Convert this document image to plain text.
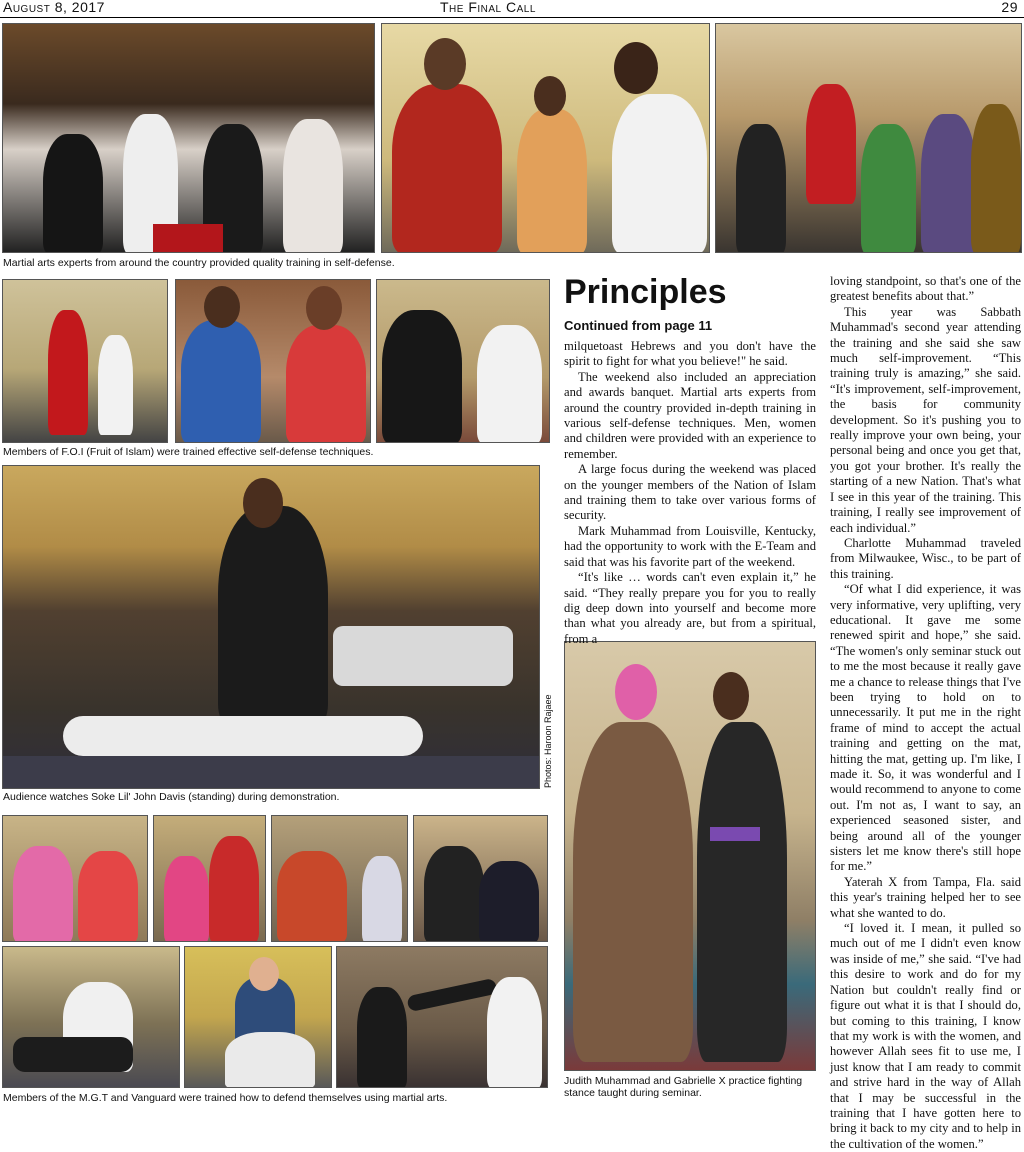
August 8, 2017	The Final Call	29
Martial arts experts from around the country provided quality training in self-defense.
Members of F.O.I (Fruit of Islam) were trained effective self-defense techniques.
Photos: Haroon Rajaee
Audience watches Soke Lil' John Davis (standing) during demonstration.
Members of the M.G.T and Vanguard were trained how to defend themselves using martial arts.
Judith Muhammad and Gabrielle X practice fighting
stance taught during seminar.
Principles
Continued from page 11

milquetoast Hebrews and you don't have the spirit to fight for what you believe!" he said.

The weekend also included an appreciation and awards banquet. Martial arts experts from around the country provided in-depth training in various self-defense techniques. Men, women and children were provided with an experience to remember.

A large focus during the weekend was placed on the younger members of the Nation of Islam and training them to take over various forms of security.

Mark Muhammad from Louisville, Kentucky, had the opportunity to work with the E-Team and said that was his favorite part of the weekend.

“It's like … words can't even explain it,” he said. “They really prepare you for you to really dig deep down into yourself and become more than what you already are, but from a spiritual, from a

loving standpoint, so that's one of the greatest benefits about that.”

This year was Sabbath Muhammad's second year attending the training and she said she saw much self-improvement. “This training truly is amazing,” she said. “It's improvement, self-improvement, the basis for community development. So it's pushing you to really improve your own being, your personal being and once you get that, you got your brother. It's really the starting of a new Nation. That's what I see in this year of the training. This training, I really see improvement of each individual.”

Charlotte Muhammad traveled from Milwaukee, Wisc., to be part of this training.

“Of what I did experience, it was very informative, very uplifting, very educational. It gave me some renewed spirit and hope,” she said. “The women's only seminar stuck out to me the most because it really gave me a chance to release things that I've been trying to hold on to unnecessarily. It put me in the right frame of mind to accept the actual training and getting on the mat, hitting the mat, getting up. I'm like, I made it. So, it was wonderful and I would recommend to anyone to come out. I'm not as, I want to say, an experienced seasoned sister, and being around all of the younger sisters let me know there's still hope for me.”

Yaterah X from Tampa, Fla. said this year's training helped her to see what she wanted to do.

“I loved it. I mean, it pulled so much out of me I didn't even know was inside of me,” she said. “I've had this desire to work and do for my Nation but couldn't really find or figure out what it is that I should do, but coming to this training, I know that my work is with the women, and however Allah sees fit to use me, I just know that I am ready to commit and strive hard in the way of Allah that I may be successful in the training that I have gotten here to bring it back to my city and to help in the cultivation of the women.”
